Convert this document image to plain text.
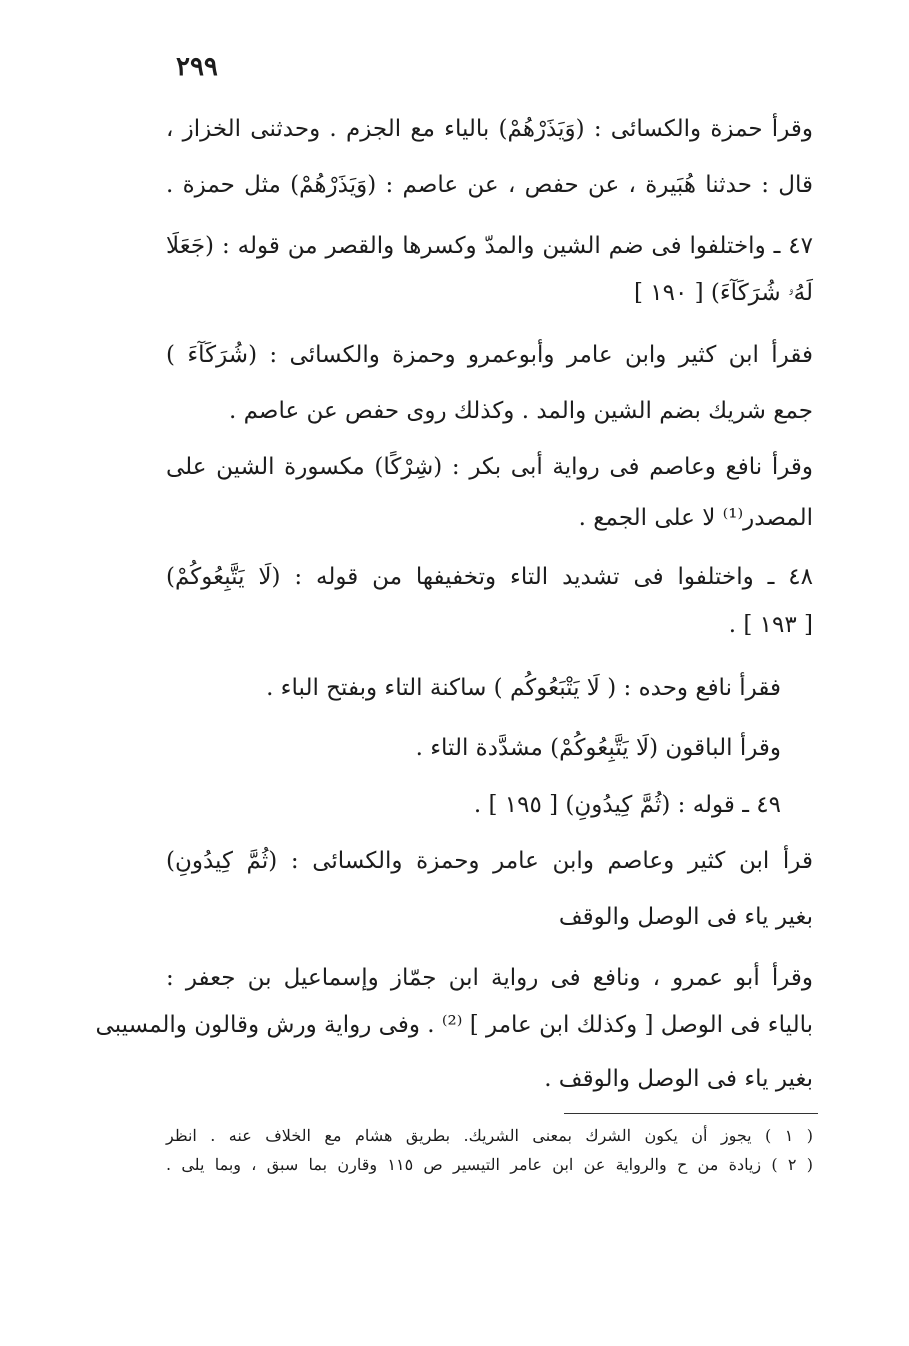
٢٩٩
وقرأ حمزة والكسائى : (وَيَذَرْهُمْ) بالياء مع الجزم . وحدثنى الخزاز ،
قال : حدثنا هُبَيرة ، عن حفص ، عن عاصم : (وَيَذَرْهُمْ) مثل حمزة .
٤٧ ـ واختلفوا فى ضم الشين والمدّ وكسرها والقصر من قوله : (جَعَلَا
لَهُۥ شُرَكَآءَ) [ ١٩٠ ]
فقرأ ابن كثير وابن عامر وأبوعمرو وحمزة والكسائى : (شُرَكَآءَ )
جمع شريك بضم الشين والمد . وكذلك روى حفص عن عاصم .
وقرأ نافع وعاصم فى رواية أبى بكر : (شِرْكًا) مكسورة الشين على
المصدر⁽¹⁾ لا على الجمع .
٤٨ ـ واختلفوا فى تشديد التاء وتخفيفها من قوله : (لَا يَتَّبِعُوكُمْ)
[ ١٩٣ ] .
فقرأ نافع وحده : ( لَا يَتْبَعُوكُم ) ساكنة التاء وبفتح الباء .
وقرأ الباقون (لَا يَتَّبِعُوكُمْ) مشدَّدة التاء .
٤٩ ـ قوله : (ثُمَّ كِيدُونِ) [ ١٩٥ ] .
قرأ ابن كثير وعاصم وابن عامر وحمزة والكسائى : (ثُمَّ كِيدُونِ)
بغير ياء فى الوصل والوقف
وقرأ أبو عمرو ، ونافع فى رواية ابن جمّاز وإسماعيل بن جعفر :
بالياء فى الوصل [ وكذلك ابن عامر ] ⁽²⁾ . وفى رواية ورش وقالون والمسيبى
بغير ياء فى الوصل والوقف .
( ١ ) يجوز أن يكون الشرك بمعنى الشريك. بطريق هشام مع الخلاف عنه . انظر
( ٢ ) زيادة من ح والرواية عن ابن عامر التيسير ص ١١٥ وقارن بما سبق ، وبما يلى .
